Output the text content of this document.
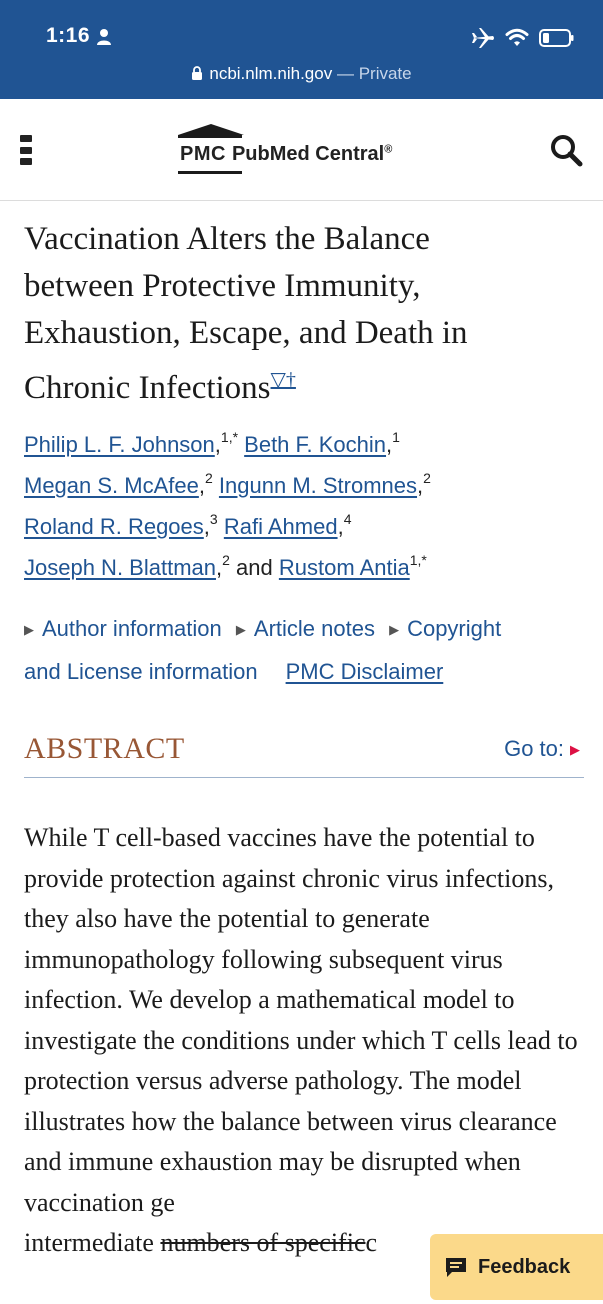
1:16
ncbi.nlm.nih.gov — Private
PMC PubMed Central®
Vaccination Alters the Balance between Protective Immunity, Exhaustion, Escape, and Death in Chronic Infections▽†
Philip L. F. Johnson,$^{1,*}$ Beth F. Kochin,$^1$
Megan S. McAfee,$^2$ Ingunn M. Stromnes,$^2$
Roland R. Regoes,$^3$ Rafi Ahmed,$^4$
Joseph N. Blattman,$^2$ and Rustom Antia$^{1,*}$
▶ Author information ▶ Article notes ▶ Copyright
and License information PMC Disclaimer
ABSTRACT	Go to: ▶
While T cell-based vaccines have the potential to provide protection against chronic virus infections, they also have the potential to generate immunopathology following subsequent virus infection. We develop a mathematical model to investigate the conditions under which T cells lead to protection versus adverse pathology. The model illustrates how the balance between virus clearance and immune exhaustion may be disrupted when vaccination ge
intermediate numbers of specificc
Feedback
